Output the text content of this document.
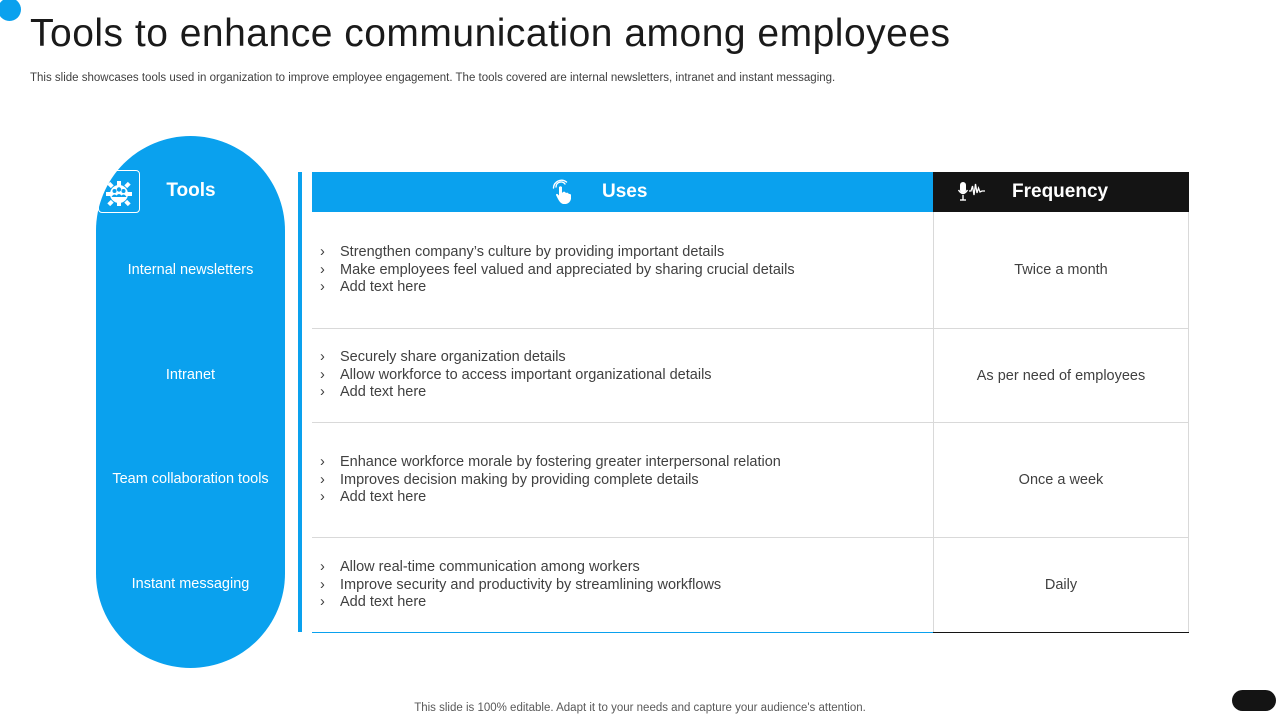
Tools to enhance communication among employees

This slide showcases tools used in organization to improve employee engagement. The tools covered are internal newsletters, intranet and instant messaging.

Tools
Internal newsletters
Intranet
Team collaboration tools
Instant messaging
Uses	Frequency
› Strengthen company’s culture by providing important details
› Make employees feel valued and appreciated by sharing crucial details
› Add text here
Twice a month
› Securely share organization details
› Allow workforce to access important organizational details
› Add text here
As per need of employees
› Enhance workforce morale by fostering greater interpersonal relation
› Improves decision making by providing complete details
› Add text here
Once a week
› Allow real-time communication among workers
› Improve security and productivity by streamlining workflows
› Add text here
Daily

This slide is 100% editable. Adapt it to your needs and capture your audience's attention.
